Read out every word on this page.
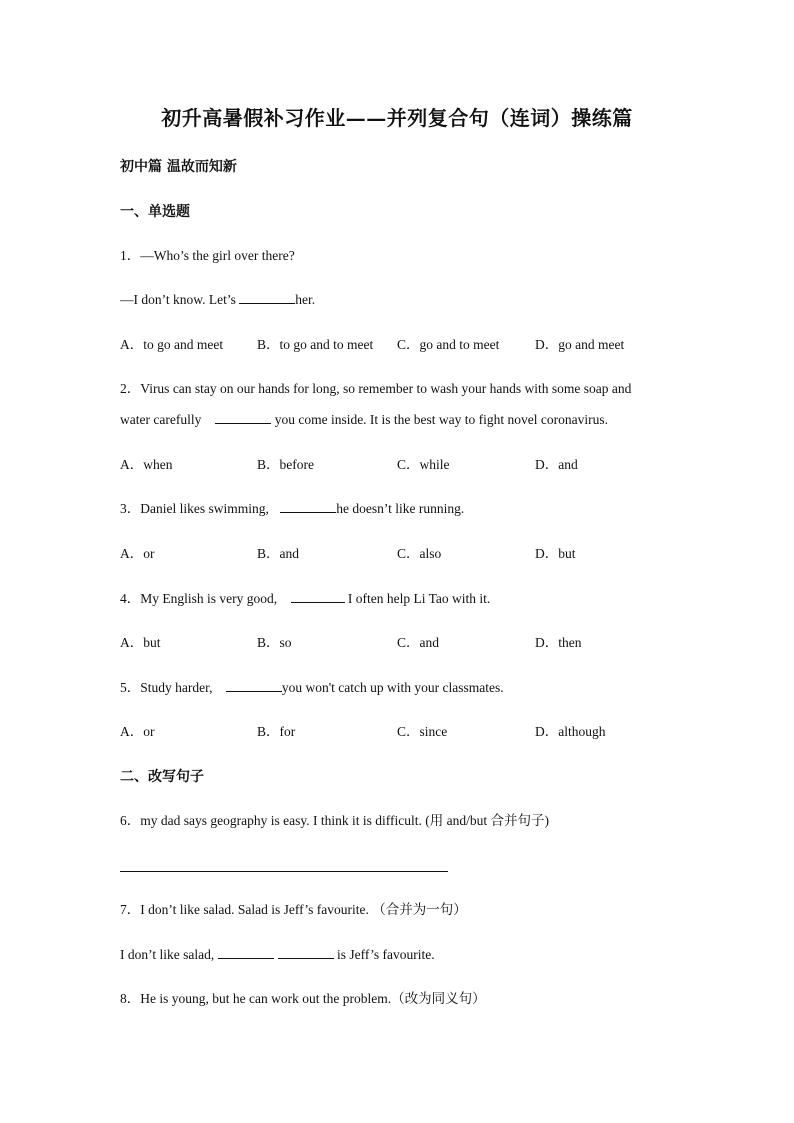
初升高暑假补习作业——并列复合句（连词）操练篇
初中篇 温故而知新
一、单选题
1．—Who’s the girl over there?
—I don’t know. Let’s	her.
A．to go and meet	B．to go and to meet C．go and to meet	D．go and meet
2．Virus can stay on our hands for long, so remember to wash your hands with some soap and
water carefully	you come inside. It is the best way to fight novel coronavirus.
A．when	B．before	C．while	D．and
3．Daniel likes swimming,	he doesn’t like running.
A．or	B．and	C．also	D．but
4．My English is very good,	I often help Li Tao with it.
A．but	B．so	C．and	D．then
5．Study harder,	you won't catch up with your classmates.
A．or	B．for	C．since	D．although
二、改写句子
6．my dad says geography is easy. I think it is difficult. (用 and/but 合并句子)
7．I don’t like salad. Salad is Jeff’s favourite. （合并为一句）
I don’t like salad,	is Jeff’s favourite.
8．He is young, but he can work out the problem.（改为同义句）
